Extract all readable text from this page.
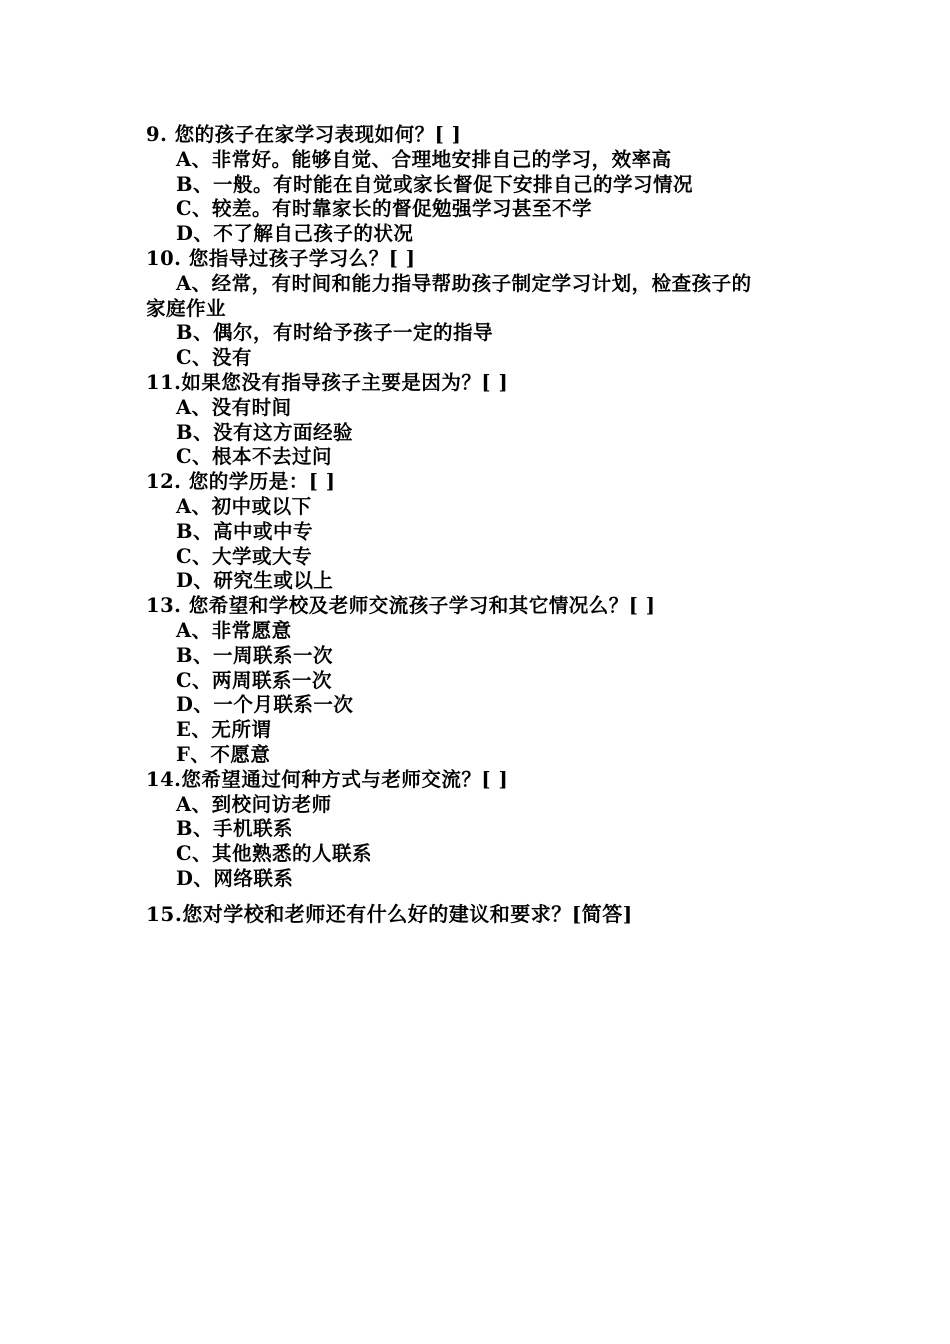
9. 您的孩子在家学习表现如何？[ ]
A、非常好。能够自觉、合理地安排自己的学习，效率高
B、一般。有时能在自觉或家长督促下安排自己的学习情况
C、较差。有时靠家长的督促勉强学习甚至不学
D、不了解自己孩子的状况
10. 您指导过孩子学习么？[ ]
A、经常，有时间和能力指导帮助孩子制定学习计划，检查孩子的
家庭作业
B、偶尔，有时给予孩子一定的指导
C、没有
11.如果您没有指导孩子主要是因为？[ ]
A、没有时间
B、没有这方面经验
C、根本不去过问
12. 您的学历是：[ ]
A、初中或以下
B、高中或中专
C、大学或大专
D、研究生或以上
13. 您希望和学校及老师交流孩子学习和其它情况么？[ ]
A、非常愿意
B、一周联系一次
C、两周联系一次
D、一个月联系一次
E、无所谓
F、不愿意
14.您希望通过何种方式与老师交流？[ ]
A、到校问访老师
B、手机联系
C、其他熟悉的人联系
D、网络联系
15.您对学校和老师还有什么好的建议和要求？[简答]
